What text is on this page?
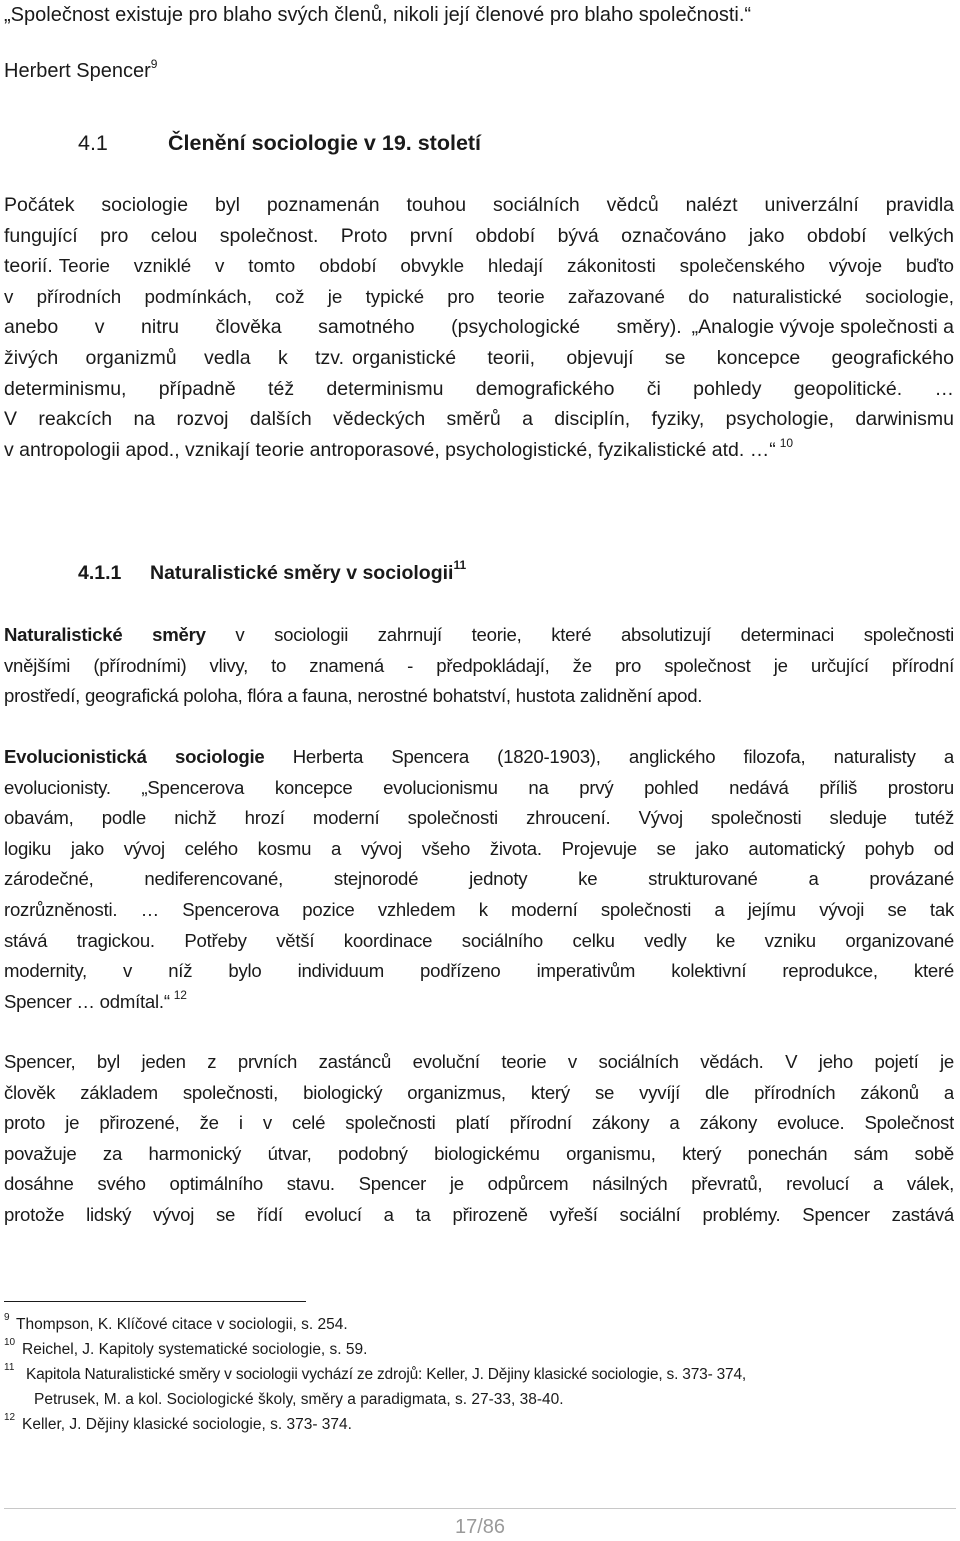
„Společnost existuje pro blaho svých členů, nikoli její členové pro blaho společnosti.“
Herbert Spencer$^9$
4.1	Členění sociologie v 19. století
Počátek sociologie byl poznamenán touhou sociálních vědců nalézt univerzální pravidla
fungující pro celou společnost. Proto první období bývá označováno jako období velkých
teorií. Teorie vzniklé v tomto období obvykle hledají zákonitosti společenského vývoje buďto
v přírodních podmínkách, což je typické pro teorie zařazované do naturalistické sociologie,
anebo v nitru člověka samotného (psychologické směry). „Analogie vývoje společnosti a
živých organizmů vedla k tzv. organistické teorii, objevují se koncepce geografického
determinismu, případně též determinismu demografického či pohledy geopolitické. …
V reakcích na rozvoj dalších vědeckých směrů a disciplín, fyziky, psychologie, darwinismu
v antropologii apod., vznikají teorie antroporasové, psychologistické, fyzikalistické atd. …“ $^{10}$
4.1.1 Naturalistické směry v sociologii$^{11}$
Naturalistické směry v sociologii zahrnují teorie, které absolutizují determinaci společnosti
vnějšími (přírodními) vlivy, to znamená - předpokládají, že pro společnost je určující přírodní
prostředí, geografická poloha, flóra a fauna, nerostné bohatství, hustota zalidnění apod.
Evolucionistická sociologie Herberta Spencera (1820-1903), anglického filozofa, naturalisty a
evolucionisty. „Spencerova koncepce evolucionismu na prvý pohled nedává příliš prostoru
obavám, podle nichž hrozí moderní společnosti zhroucení. Vývoj společnosti sleduje tutéž
logiku jako vývoj celého kosmu a vývoj všeho života. Projevuje se jako automatický pohyb od
zárodečné, nediferencované, stejnorodé jednoty ke strukturované a provázané
rozrůzněnosti. … Spencerova pozice vzhledem k moderní společnosti a jejímu vývoji se tak
stává tragickou. Potřeby větší koordinace sociálního celku vedly ke vzniku organizované
modernity, v níž bylo individuum podřízeno imperativům kolektivní reprodukce, které
Spencer … odmítal.“ $^{12}$
Spencer, byl jeden z prvních zastánců evoluční teorie v sociálních vědách. V jeho pojetí je
člověk základem společnosti, biologický organizmus, který se vyvíjí dle přírodních zákonů a
proto je přirozené, že i v celé společnosti platí přírodní zákony a zákony evoluce. Společnost
považuje za harmonický útvar, podobný biologickému organismu, který ponechán sám sobě
dosáhne svého optimálního stavu. Spencer je odpůrcem násilných převratů, revolucí a válek,
protože lidský vývoj se řídí evolucí a ta přirozeně vyřeší sociální problémy. Spencer zastává
9 Thompson, K. Klíčové citace v sociologii, s. 254.
10 Reichel, J. Kapitoly systematické sociologie, s. 59.
11 Kapitola Naturalistické směry v sociologii vychází ze zdrojů: Keller, J. Dějiny klasické sociologie, s. 373- 374,
Petrusek, M. a kol. Sociologické školy, směry a paradigmata, s. 27-33, 38-40.
12 Keller, J. Dějiny klasické sociologie, s. 373- 374.
17/86
